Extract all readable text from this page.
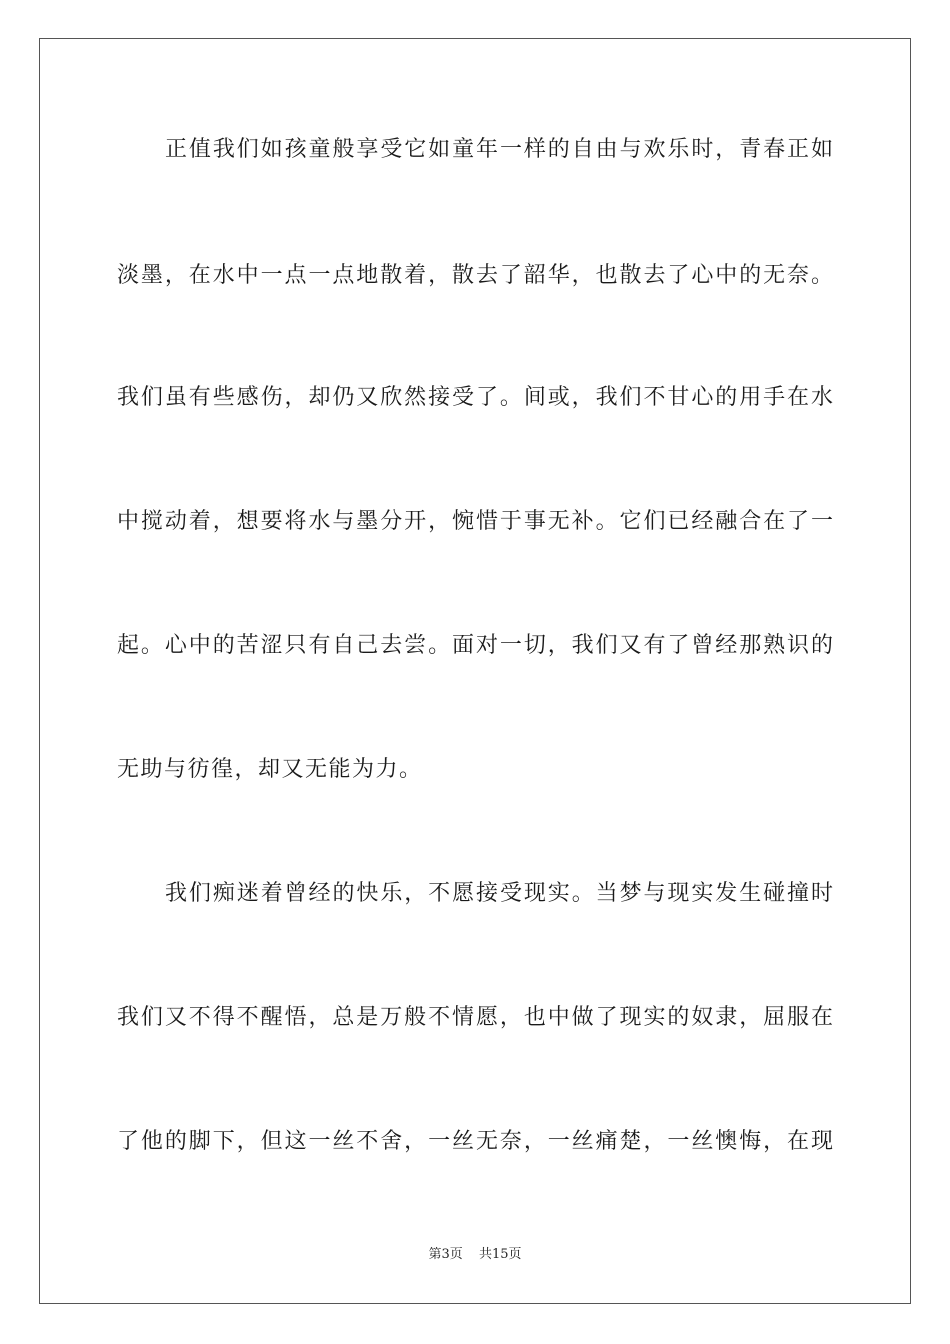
正值我们如孩童般享受它如童年一样的自由与欢乐时，青春正如
淡墨，在水中一点一点地散着，散去了韶华，也散去了心中的无奈。
我们虽有些感伤，却仍又欣然接受了。间或，我们不甘心的用手在水
中搅动着，想要将水与墨分开，惋惜于事无补。它们已经融合在了一
起。心中的苦涩只有自己去尝。面对一切，我们又有了曾经那熟识的
无助与彷徨，却又无能为力。
我们痴迷着曾经的快乐，不愿接受现实。当梦与现实发生碰撞时
我们又不得不醒悟，总是万般不情愿，也中做了现实的奴隶，屈服在
了他的脚下，但这一丝不舍，一丝无奈，一丝痛楚，一丝懊悔，在现
第3页 共15页
